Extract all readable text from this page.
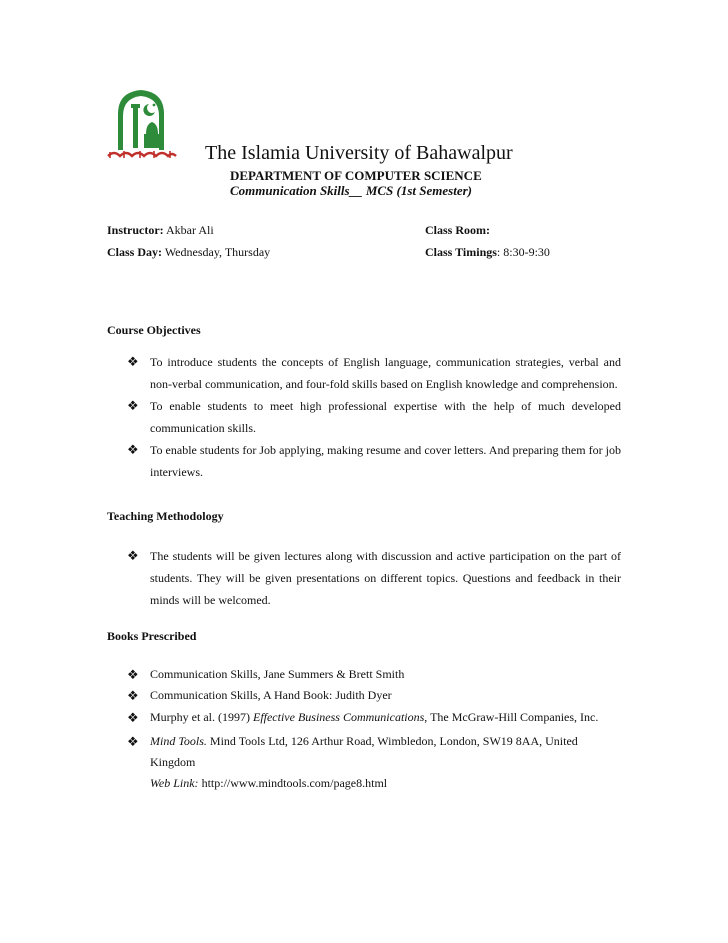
The Islamia University of Bahawalpur
DEPARTMENT OF COMPUTER SCIENCE
Communication Skills__ MCS (1st Semester)
Instructor: Akbar Ali	Class Room:
Class Day: Wednesday, Thursday	Class Timings: 8:30-9:30
Course Objectives
❖ To introduce students the concepts of English language, communication strategies, verbal and non-verbal communication, and four-fold skills based on English knowledge and comprehension.
❖ To enable students to meet high professional expertise with the help of much developed communication skills.
❖ To enable students for Job applying, making resume and cover letters. And preparing them for job interviews.
Teaching Methodology
❖ The students will be given lectures along with discussion and active participation on the part of students. They will be given presentations on different topics. Questions and feedback in their minds will be welcomed.
Books Prescribed
❖ Communication Skills, Jane Summers & Brett Smith
❖ Communication Skills, A Hand Book: Judith Dyer
❖ Murphy et al. (1997) Effective Business Communications, The McGraw-Hill Companies, Inc.
❖ Mind Tools. Mind Tools Ltd, 126 Arthur Road, Wimbledon, London, SW19 8AA, United Kingdom
Web Link: http://www.mindtools.com/page8.html
